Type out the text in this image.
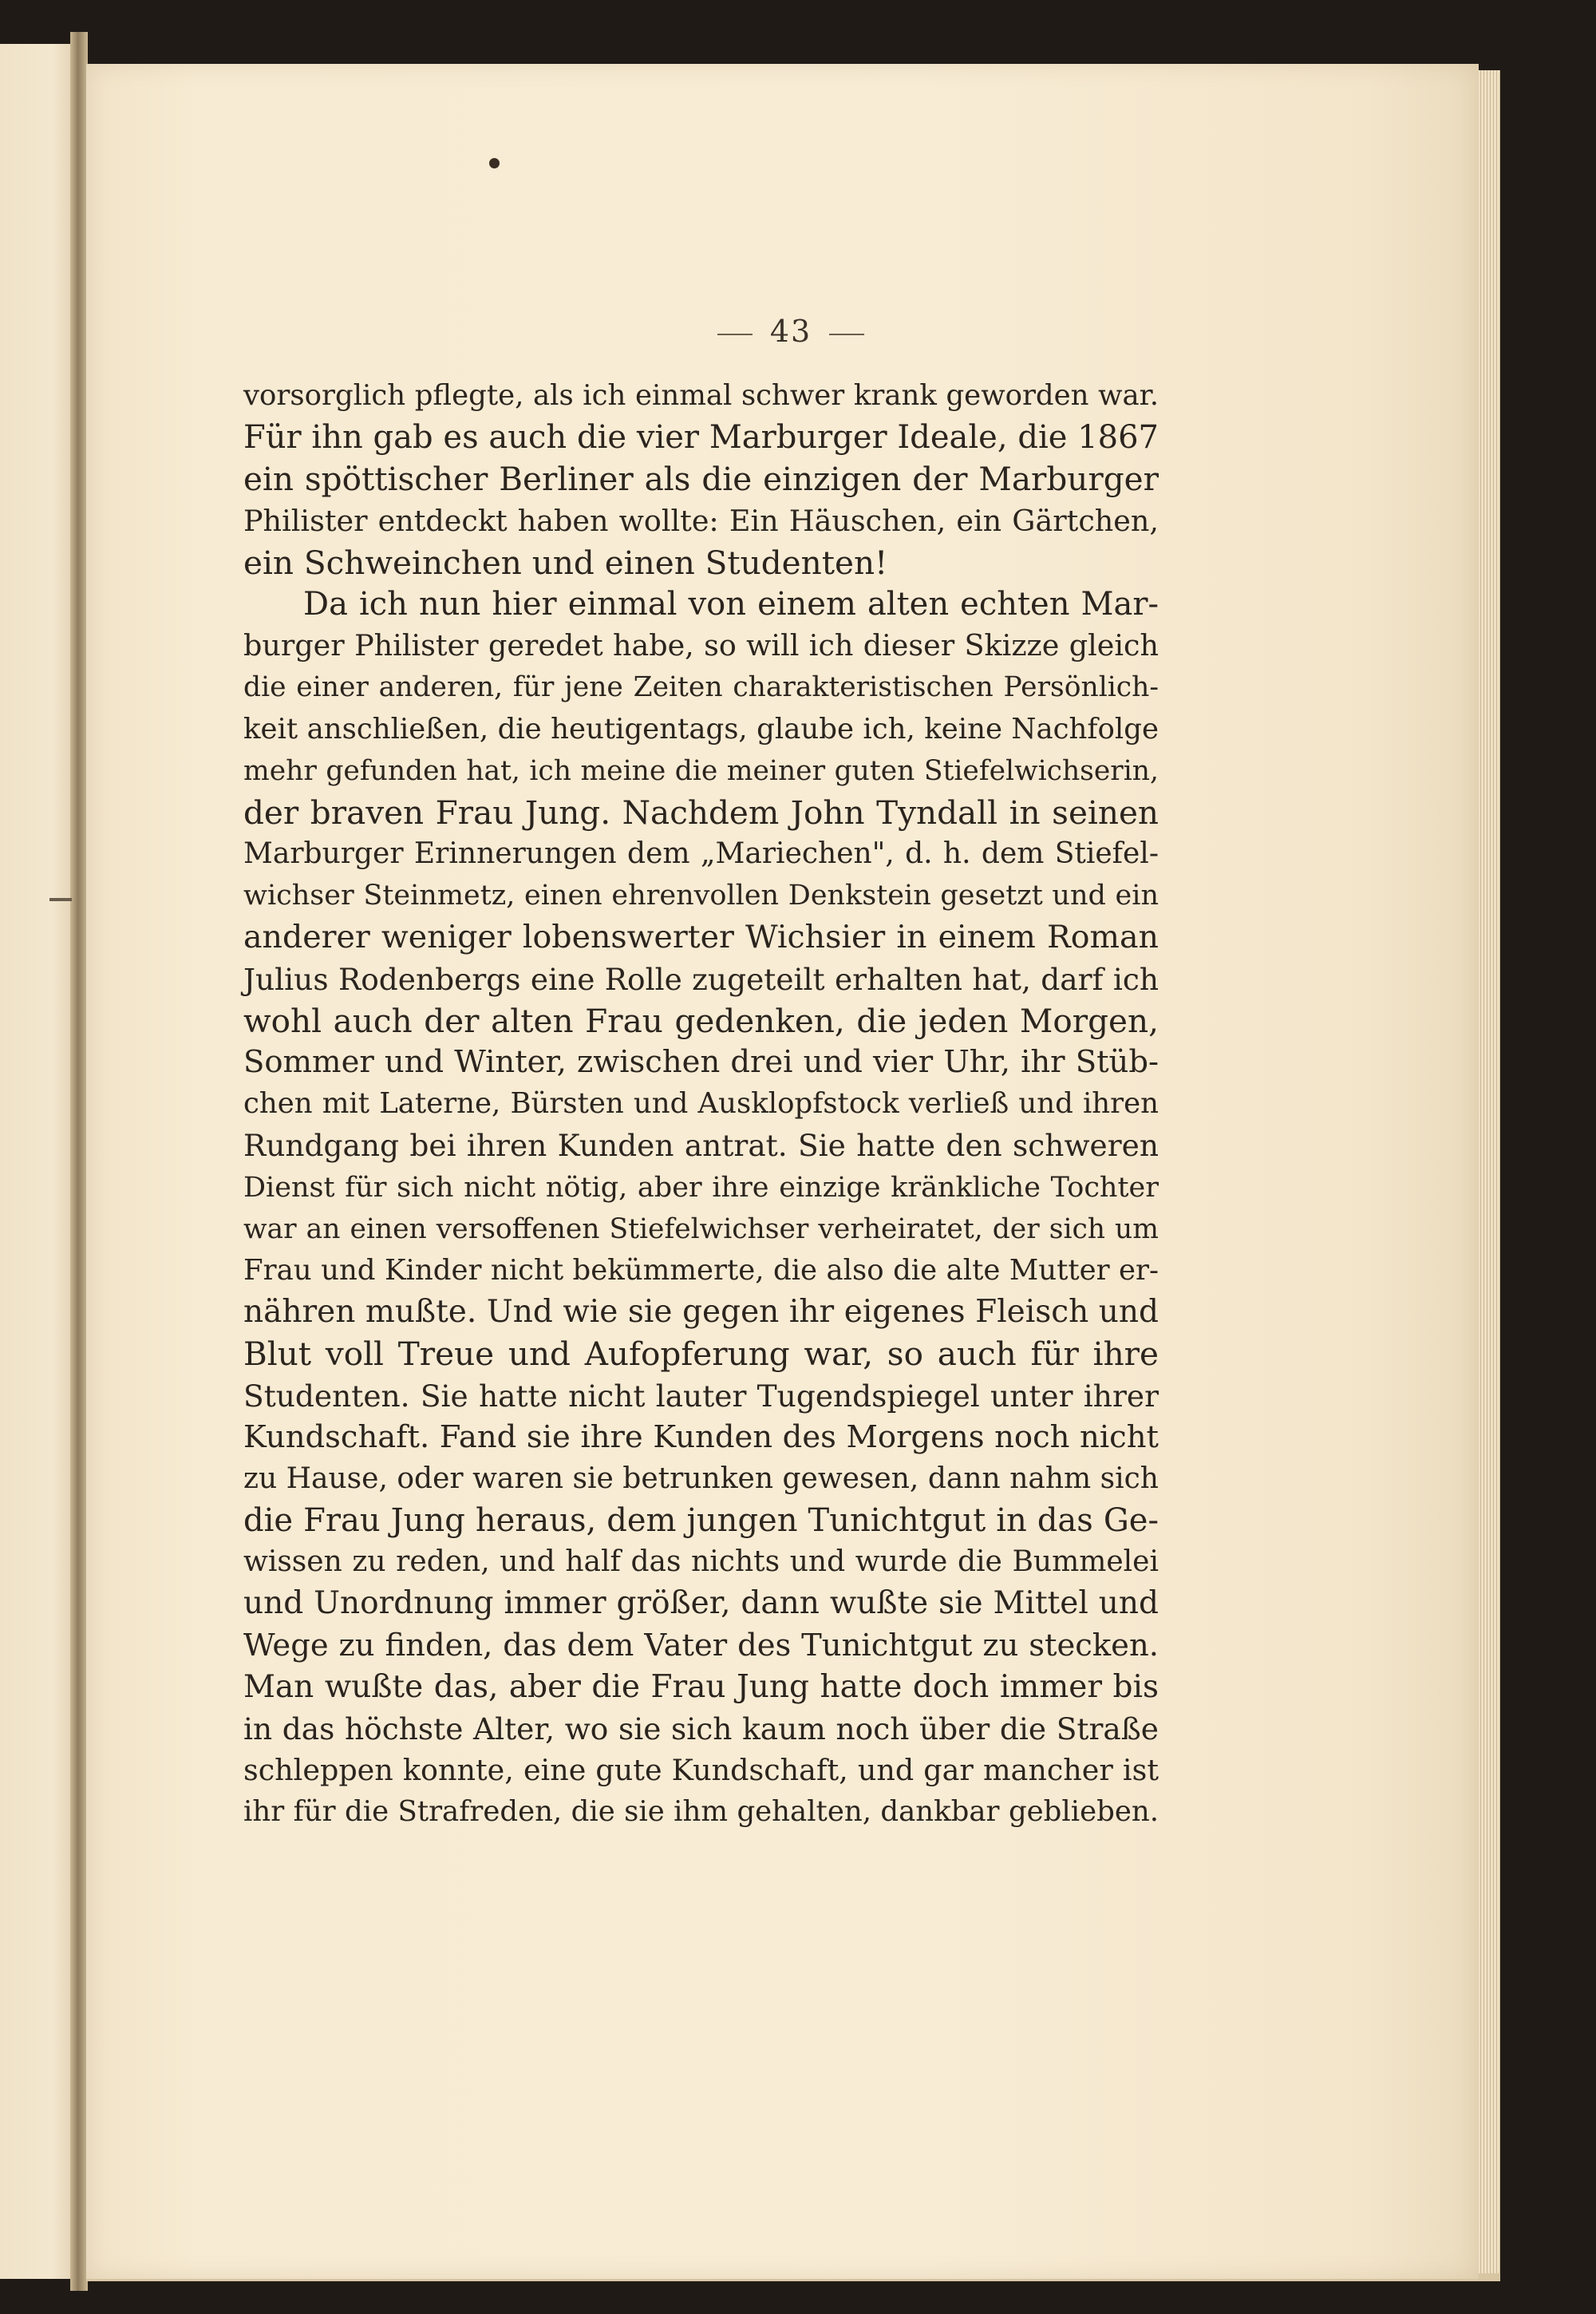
43
vorsorglich pflegte, als ich einmal schwer krank geworden war.
Für ihn gab es auch die vier Marburger Ideale, die 1867
ein spöttischer Berliner als die einzigen der Marburger
Philister entdeckt haben wollte: Ein Häuschen, ein Gärtchen,
ein Schweinchen und einen Studenten!
Da ich nun hier einmal von einem alten echten Mar-
burger Philister geredet habe, so will ich dieser Skizze gleich
die einer anderen, für jene Zeiten charakteristischen Persönlich-
keit anschließen, die heutigentags, glaube ich, keine Nachfolge
mehr gefunden hat, ich meine die meiner guten Stiefelwichserin,
der braven Frau Jung. Nachdem John Tyndall in seinen
Marburger Erinnerungen dem „Mariechen", d. h. dem Stiefel-
wichser Steinmetz, einen ehrenvollen Denkstein gesetzt und ein
anderer weniger lobenswerter Wichsier in einem Roman
Julius Rodenbergs eine Rolle zugeteilt erhalten hat, darf ich
wohl auch der alten Frau gedenken, die jeden Morgen,
Sommer und Winter, zwischen drei und vier Uhr, ihr Stüb-
chen mit Laterne, Bürsten und Ausklopfstock verließ und ihren
Rundgang bei ihren Kunden antrat. Sie hatte den schweren
Dienst für sich nicht nötig, aber ihre einzige kränkliche Tochter
war an einen versoffenen Stiefelwichser verheiratet, der sich um
Frau und Kinder nicht bekümmerte, die also die alte Mutter er-
nähren mußte. Und wie sie gegen ihr eigenes Fleisch und
Blut voll Treue und Aufopferung war, so auch für ihre
Studenten. Sie hatte nicht lauter Tugendspiegel unter ihrer
Kundschaft. Fand sie ihre Kunden des Morgens noch nicht
zu Hause, oder waren sie betrunken gewesen, dann nahm sich
die Frau Jung heraus, dem jungen Tunichtgut in das Ge-
wissen zu reden, und half das nichts und wurde die Bummelei
und Unordnung immer größer, dann wußte sie Mittel und
Wege zu finden, das dem Vater des Tunichtgut zu stecken.
Man wußte das, aber die Frau Jung hatte doch immer bis
in das höchste Alter, wo sie sich kaum noch über die Straße
schleppen konnte, eine gute Kundschaft, und gar mancher ist
ihr für die Strafreden, die sie ihm gehalten, dankbar geblieben.
